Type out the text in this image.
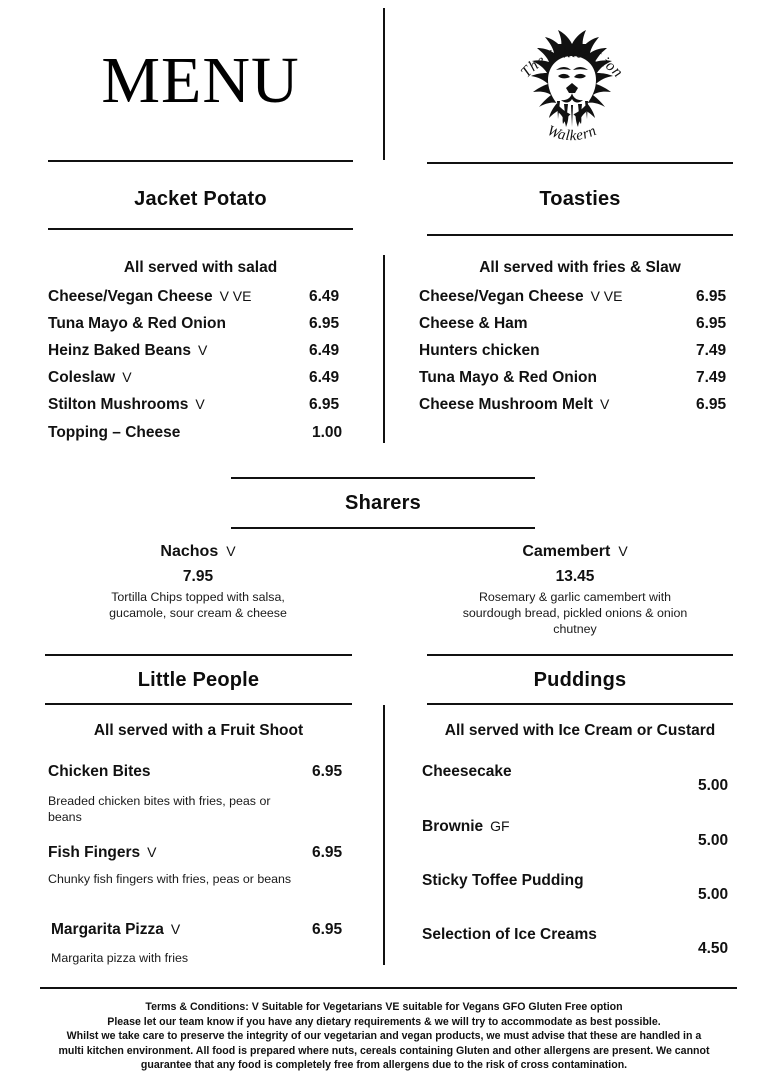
MENU	The White Lion
Walkern
Jacket Potato
All served with salad
Cheese/Vegan Cheese V VE	6.49
Tuna Mayo & Red Onion	6.95
Heinz Baked Beans V	6.49
Coleslaw V	6.49
Stilton Mushrooms V	6.95
Topping – Cheese	1.00
Toasties
All served with fries & Slaw
Cheese/Vegan Cheese V VE	6.95
Cheese & Ham	6.95
Hunters chicken	7.49
Tuna Mayo & Red Onion	7.49
Cheese Mushroom Melt V	6.95
Sharers
Nachos V
7.95
Tortilla Chips topped with salsa, gucamole, sour cream & cheese
Camembert V
13.45
Rosemary & garlic camembert with sourdough bread, pickled onions & onion chutney
Little People
All served with a Fruit Shoot
Chicken Bites	6.95
Breaded chicken bites with fries, peas or beans
Fish Fingers V	6.95
Chunky fish fingers with fries, peas or beans
Margarita Pizza V	6.95
Margarita pizza with fries
Puddings
All served with Ice Cream or Custard
Cheesecake
5.00
Brownie GF
5.00
Sticky Toffee Pudding
5.00
Selection of Ice Creams
4.50

Terms & Conditions: V Suitable for Vegetarians VE suitable for Vegans GFO Gluten Free option

Please let our team know if you have any dietary requirements & we will try to accommodate as best possible.

Whilst we take care to preserve the integrity of our vegetarian and vegan products, we must advise that these are handled in a

multi kitchen environment. All food is prepared where nuts, cereals containing Gluten and other allergens are present. We cannot

guarantee that any food is completely free from allergens due to the risk of cross contamination.
